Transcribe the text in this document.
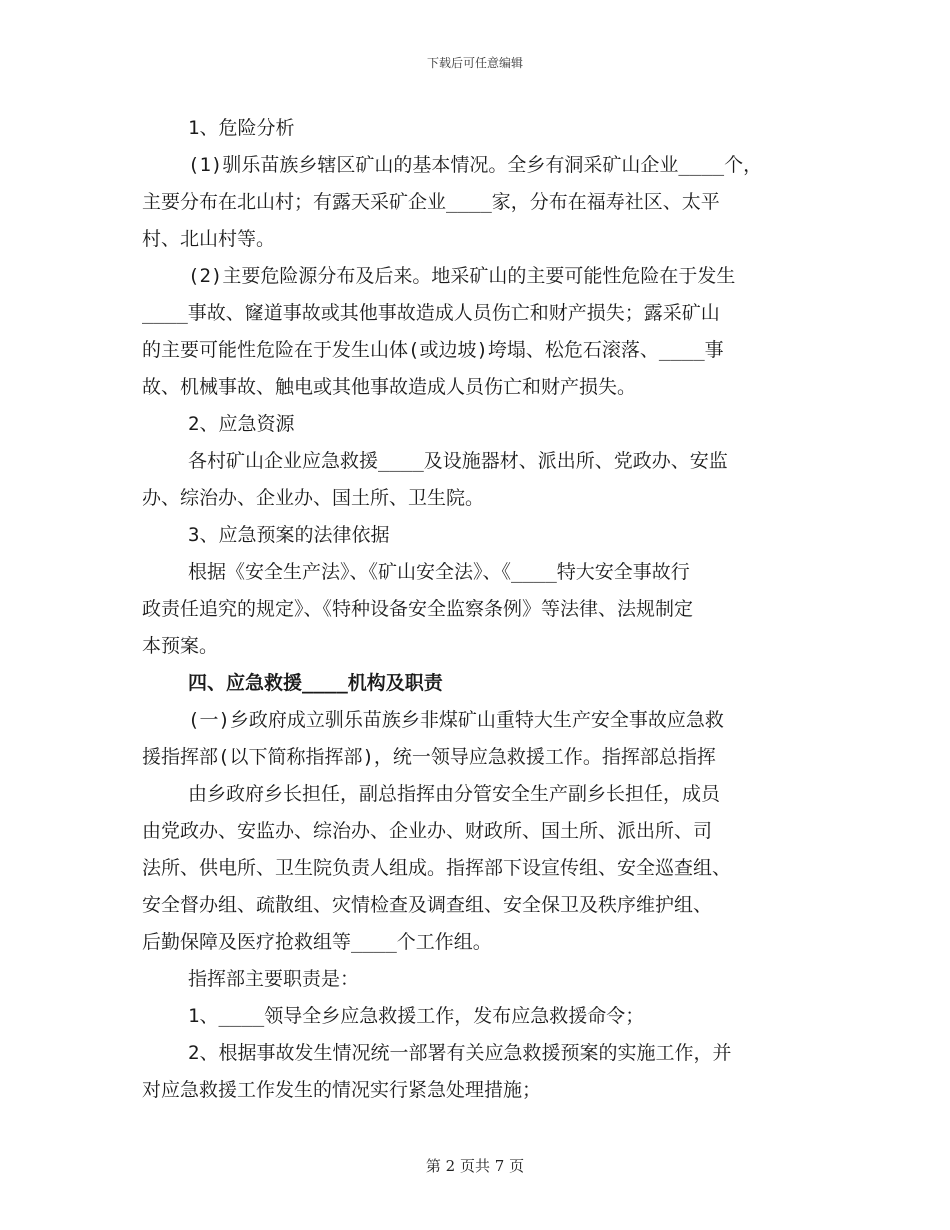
下载后可任意编辑
1、危险分析
(1)驯乐苗族乡辖区矿山的基本情况。全乡有洞采矿山企业____个，
主要分布在北山村；有露天采矿企业____家，分布在福寿社区、太平
村、北山村等。
(2)主要危险源分布及后来。地采矿山的主要可能性危险在于发生
____事故、窿道事故或其他事故造成人员伤亡和财产损失；露采矿山
的主要可能性危险在于发生山体(或边坡)垮塌、松危石滚落、____事
故、机械事故、触电或其他事故造成人员伤亡和财产损失。
2、应急资源
各村矿山企业应急救援____及设施器材、派出所、党政办、安监
办、综治办、企业办、国土所、卫生院。
3、应急预案的法律依据
根据《安全生产法》、《矿山安全法》、《____特大安全事故行
政责任追究的规定》、《特种设备安全监察条例》等法律、法规制定
本预案。
四、应急救援____机构及职责
(一)乡政府成立驯乐苗族乡非煤矿山重特大生产安全事故应急救
援指挥部(以下简称指挥部)，统一领导应急救援工作。指挥部总指挥
由乡政府乡长担任，副总指挥由分管安全生产副乡长担任，成员
由党政办、安监办、综治办、企业办、财政所、国土所、派出所、司
法所、供电所、卫生院负责人组成。指挥部下设宣传组、安全巡查组、
安全督办组、疏散组、灾情检查及调查组、安全保卫及秩序维护组、
后勤保障及医疗抢救组等____个工作组。
指挥部主要职责是：
1、____领导全乡应急救援工作，发布应急救援命令；
2、根据事故发生情况统一部署有关应急救援预案的实施工作，并
对应急救援工作发生的情况实行紧急处理措施；
第 2 页共 7 页
